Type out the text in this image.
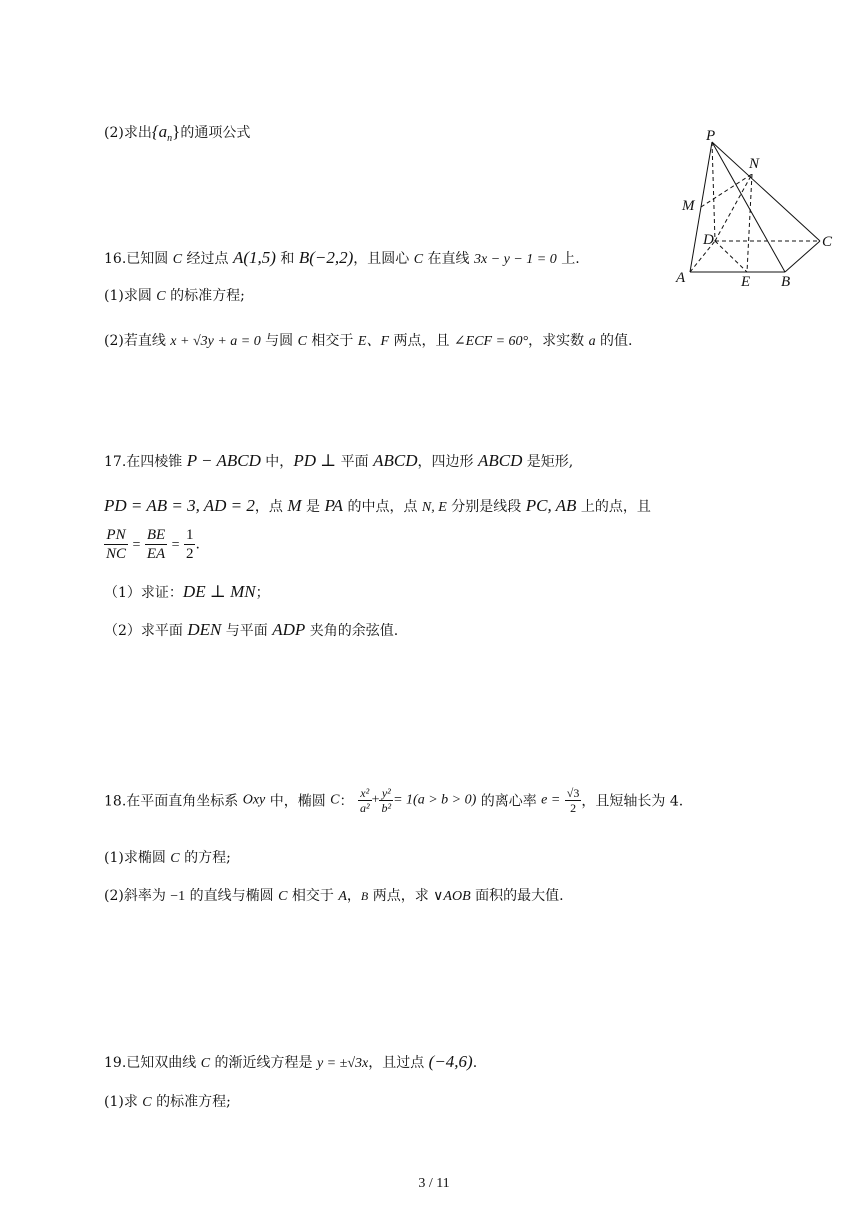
(2)求出$\{a_n\}$的通项公式
16.已知圆 C 经过点 A(1,5) 和 B(−2,2)，且圆心 C 在直线 3x − y − 1 = 0 上.
(1)求圆 C 的标准方程;
(2)若直线 x + √3y + a = 0 与圆 C 相交于 E、F 两点，且 ∠ECF = 60°，求实数 a 的值.
17.在四棱锥 P − ABCD 中，PD ⊥ 平面 ABCD，四边形 ABCD 是矩形,
PD = AB = 3, AD = 2，点 M 是 PA 的中点，点 N, E 分别是线段 PC, AB 上的点，且
$\frac{PN}{NC} = \frac{BE}{EA} = \frac{1}{2}$ .
（1）求证：DE ⊥ MN；
（2）求平面 DEN 与平面 ADP 夹角的余弦值.
18.在平面直角坐标系 Oxy 中，椭圆 C： $\frac{\text{x²}}{\text{a²}} + \frac{\text{y²}}{\text{b²}} = 1(a > b > 0)$ 的离心率 $e = \frac{√3}{2}$ ，且短轴长为 4.
(1)求椭圆 C 的方程;
(2)斜率为 −1 的直线与椭圆 C 相交于 A，B 两点，求 ∨AOB 面积的最大值.
19.已知双曲线 C 的渐近线方程是 y = ±√3x，且过点 (−4,6).
(1)求 C 的标准方程;
P
N
M
D	C
A	E B
3 / 11
